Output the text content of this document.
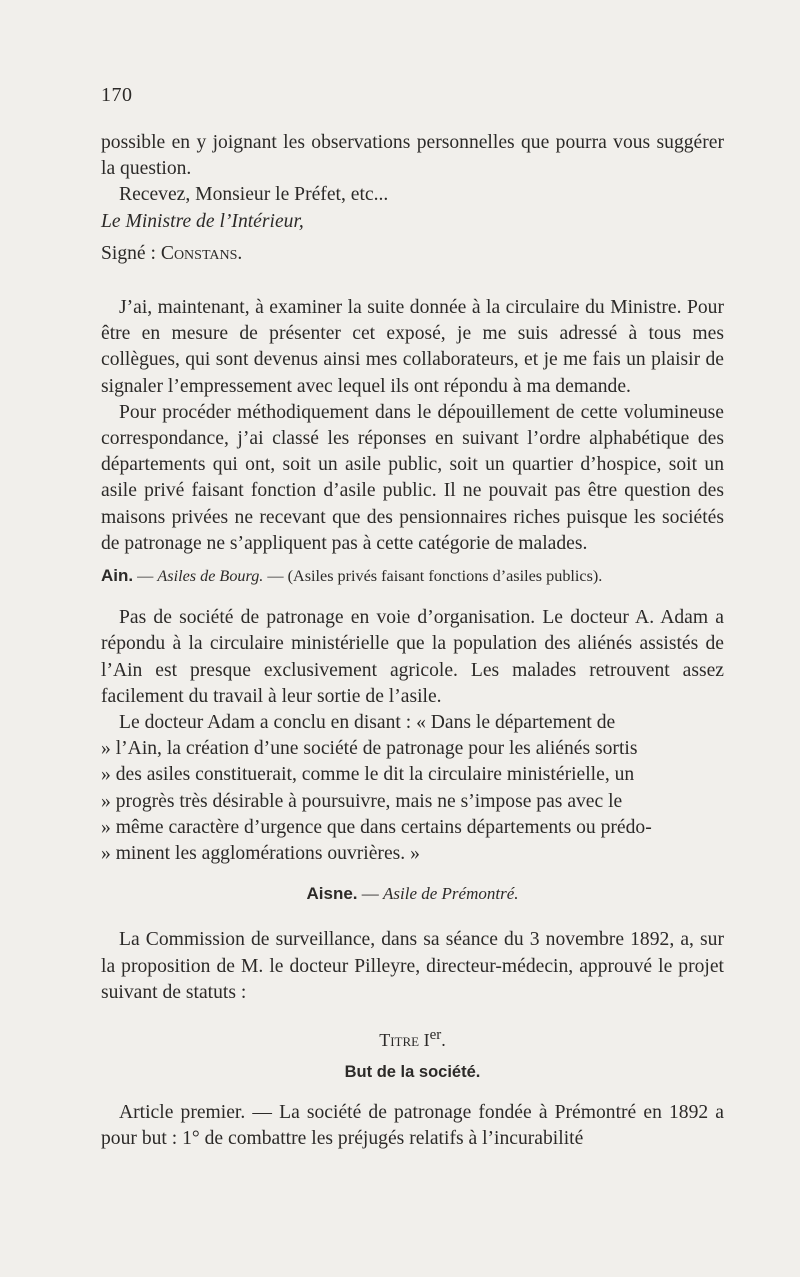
170

possible en y joignant les observations personnelles que pourra vous suggérer la question.

Recevez, Monsieur le Préfet, etc...

Le Ministre de l’Intérieur,

Signé : Constans.

J’ai, maintenant, à examiner la suite donnée à la circulaire du Ministre. Pour être en mesure de présenter cet exposé, je me suis adressé à tous mes collègues, qui sont devenus ainsi mes collaborateurs, et je me fais un plaisir de signaler l’empressement avec lequel ils ont répondu à ma demande.

Pour procéder méthodiquement dans le dépouillement de cette volumineuse correspondance, j’ai classé les réponses en suivant l’ordre alphabétique des départements qui ont, soit un asile public, soit un quartier d’hospice, soit un asile privé faisant fonction d’asile public. Il ne pouvait pas être question des maisons privées ne recevant que des pensionnaires riches puisque les sociétés de patronage ne s’appliquent pas à cette catégorie de malades.

Ain. — Asiles de Bourg. — (Asiles privés faisant fonctions d’asiles publics).

Pas de société de patronage en voie d’organisation. Le docteur A. Adam a répondu à la circulaire ministérielle que la population des aliénés assistés de l’Ain est presque exclusivement agricole. Les malades retrouvent assez facilement du travail à leur sortie de l’asile.

Le docteur Adam a conclu en disant : « Dans le département de

» l’Ain, la création d’une société de patronage pour les aliénés sortis

» des asiles constituerait, comme le dit la circulaire ministérielle, un

» progrès très désirable à poursuivre, mais ne s’impose pas avec le

» même caractère d’urgence que dans certains départements ou prédo-

» minent les agglomérations ouvrières. »

Aisne. — Asile de Prémontré.

La Commission de surveillance, dans sa séance du 3 novembre 1892, a, sur la proposition de M. le docteur Pilleyre, directeur-médecin, approuvé le projet suivant de statuts :

Titre Ier.

But de la société.

Article premier. — La société de patronage fondée à Prémontré en 1892 a pour but : 1° de combattre les préjugés relatifs à l’incurabilité
